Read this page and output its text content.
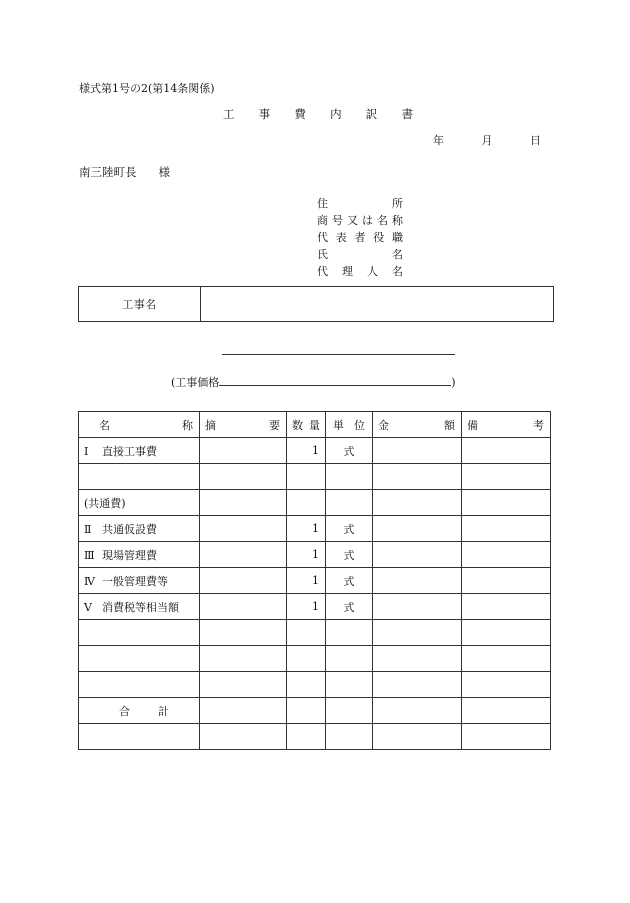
様式第1号の2(第14条関係)
工 事 費 内 訳 書
年	月	日
南三陸町長 様
住	所
商 号 又 は 名 称
代 表 者 役 職
氏	名
代 理 人 名
工事名
(工事価格	)
名 称	摘 要	数 量	単 位	金 額	備 考

Ⅰ 直接工事費		1	式		

(共通費)					
Ⅱ 共通仮設費		1	式		
Ⅲ 現場管理費		1	式		
Ⅳ 一般管理費等		1	式		
Ⅴ 消費税等相当額		1	式		

合 計					
